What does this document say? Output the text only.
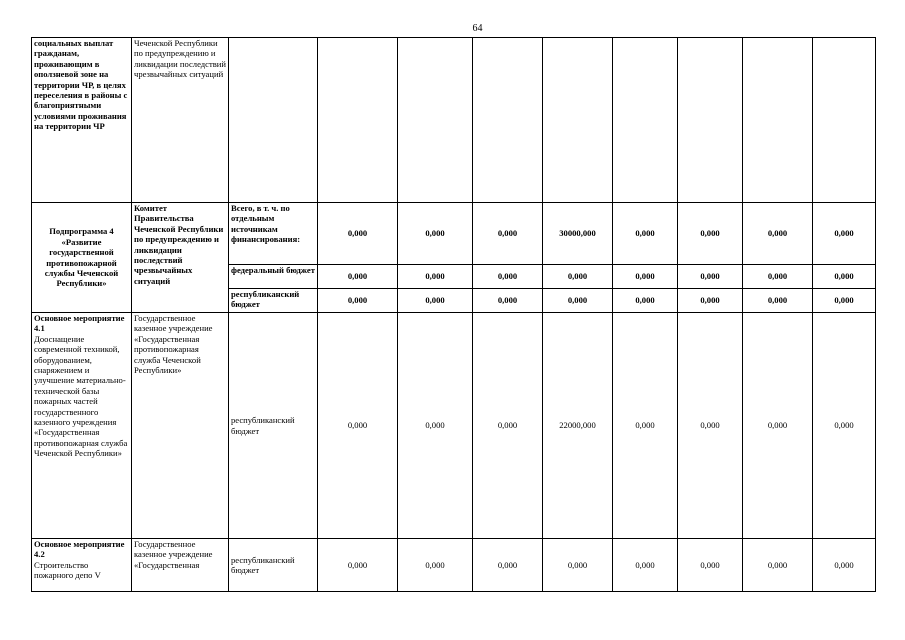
64
социальных выплат гражданам, проживающим в оползневой зоне на территории ЧР, в целях переселения в районы с благоприятными условиями проживания на территории ЧР	Чеченской Республики по предупреждению и ликвидации последствий чрезвычайных ситуаций									
Подпрограмма 4 «Развитие государственной противопожарной службы Чеченской Республики»	Комитет Правительства Чеченской Республики по предупреждению и ликвидации последствий чрезвычайных ситуаций	Всего, в т. ч. по отдельным источникам финансирования:	0,000	0,000	0,000	30000,000	0,000	0,000	0,000	0,000
		федеральный бюджет	0,000	0,000	0,000	0,000	0,000	0,000	0,000	0,000
		республиканский бюджет	0,000	0,000	0,000	0,000	0,000	0,000	0,000	0,000

Основное мероприятие 4.1
Дооснащение современной техникой, оборудованием, снаряжением и улучшение материально-технической базы пожарных частей государственного казенного учреждения «Государственная противопожарная служба Чеченской Республики»	Государственное казенное учреждение «Государственная противопожарная служба Чеченской Республики»	республиканский бюджет	0,000	0,000	0,000	22000,000	0,000	0,000	0,000	0,000

Основное мероприятие 4.2
Строительство пожарного депо V	Государственное казенное учреждение «Государственная	республиканский бюджет	0,000	0,000	0,000	0,000	0,000	0,000	0,000	0,000
